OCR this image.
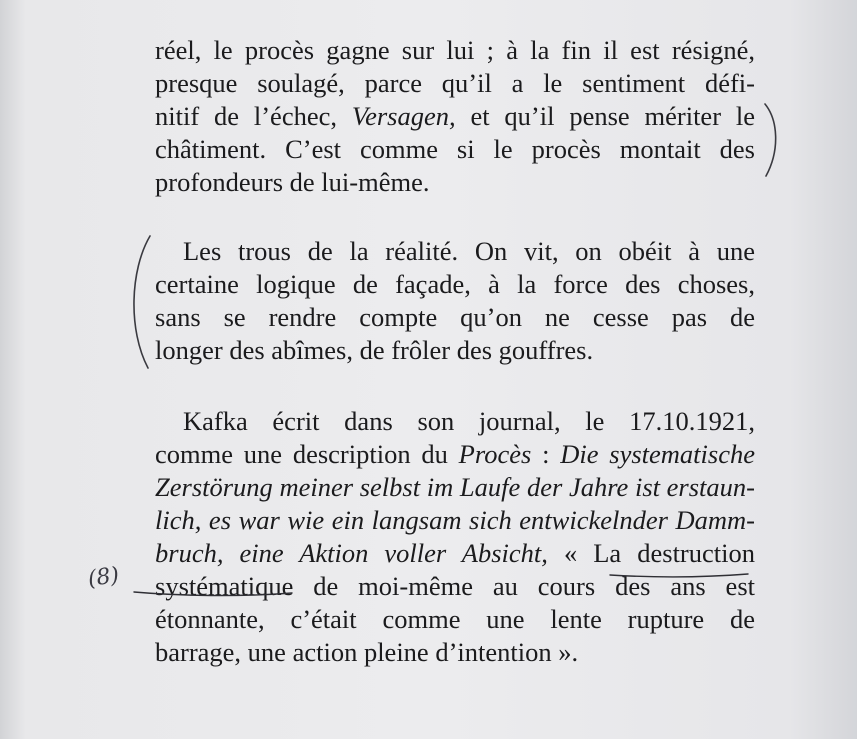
réel, le procès gagne sur lui ; à la fin il est résigné,
presque soulagé, parce qu’il a le sentiment défi-
nitif de l’échec, Versagen, et qu’il pense mériter le
châtiment. C’est comme si le procès montait des
profondeurs de lui-même.
Les trous de la réalité. On vit, on obéit à une
certaine logique de façade, à la force des choses,
sans se rendre compte qu’on ne cesse pas de
longer des abîmes, de frôler des gouffres.
Kafka écrit dans son journal, le 17.10.1921,
comme une description du Procès : Die systematische
Zerstörung meiner selbst im Laufe der Jahre ist erstaun-
lich, es war wie ein langsam sich entwickelnder Damm-
bruch, eine Aktion voller Absicht, « La destruction
systématique de moi-même au cours des ans est
étonnante, c’était comme une lente rupture de
barrage, une action pleine d’intention ».
(8)
